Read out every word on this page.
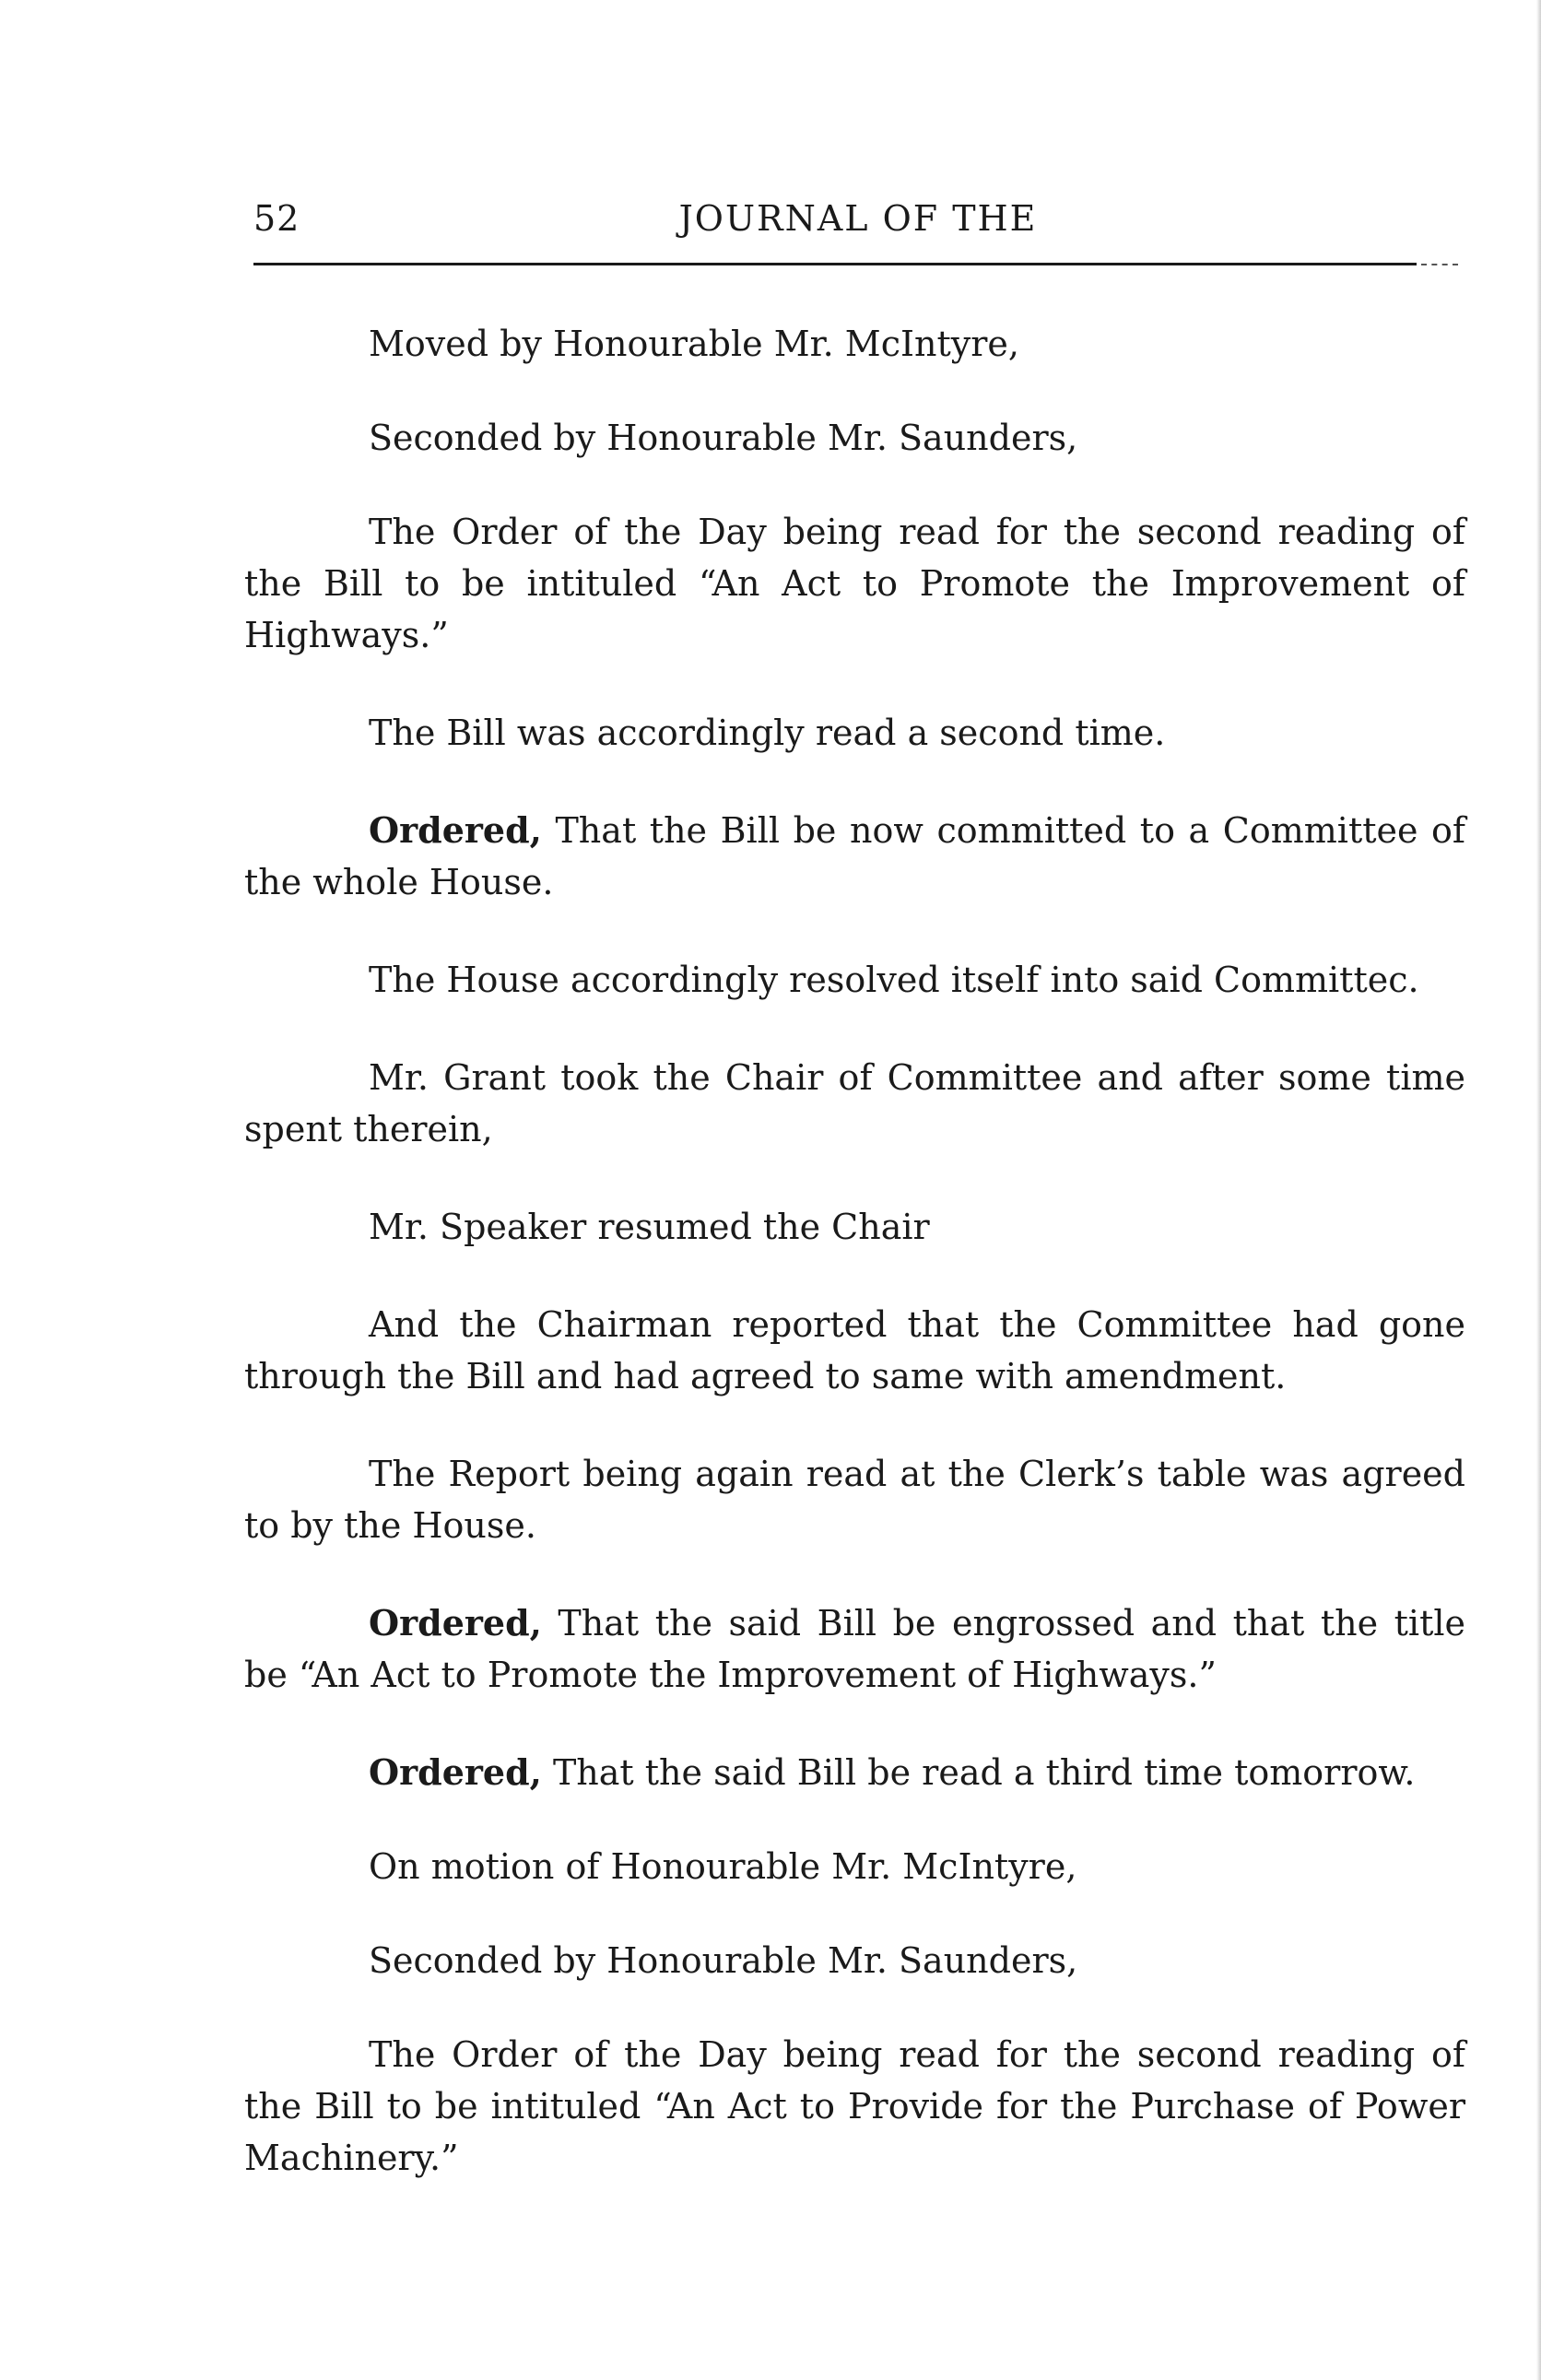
52	JOURNAL OF THE

Moved by Honourable Mr. McIntyre,

Seconded by Honourable Mr. Saunders,

The Order of the Day being read for the second reading of the Bill to be intituled “An Act to Promote the Improvement of Highways.”

The Bill was accordingly read a second time.

Ordered, That the Bill be now committed to a Committee of the whole House.

The House accordingly resolved itself into said Committec.

Mr. Grant took the Chair of Committee and after some time spent therein,

Mr. Speaker resumed the Chair

And the Chairman reported that the Committee had gone through the Bill and had agreed to same with amendment.

The Report being again read at the Clerk’s table was agreed to by the House.

Ordered, That the said Bill be engrossed and that the title be “An Act to Promote the Improvement of Highways.”

Ordered, That the said Bill be read a third time tomorrow.

On motion of Honourable Mr. McIntyre,

Seconded by Honourable Mr. Saunders,

The Order of the Day being read for the second reading of the Bill to be intituled “An Act to Provide for the Purchase of Power Machinery.”
